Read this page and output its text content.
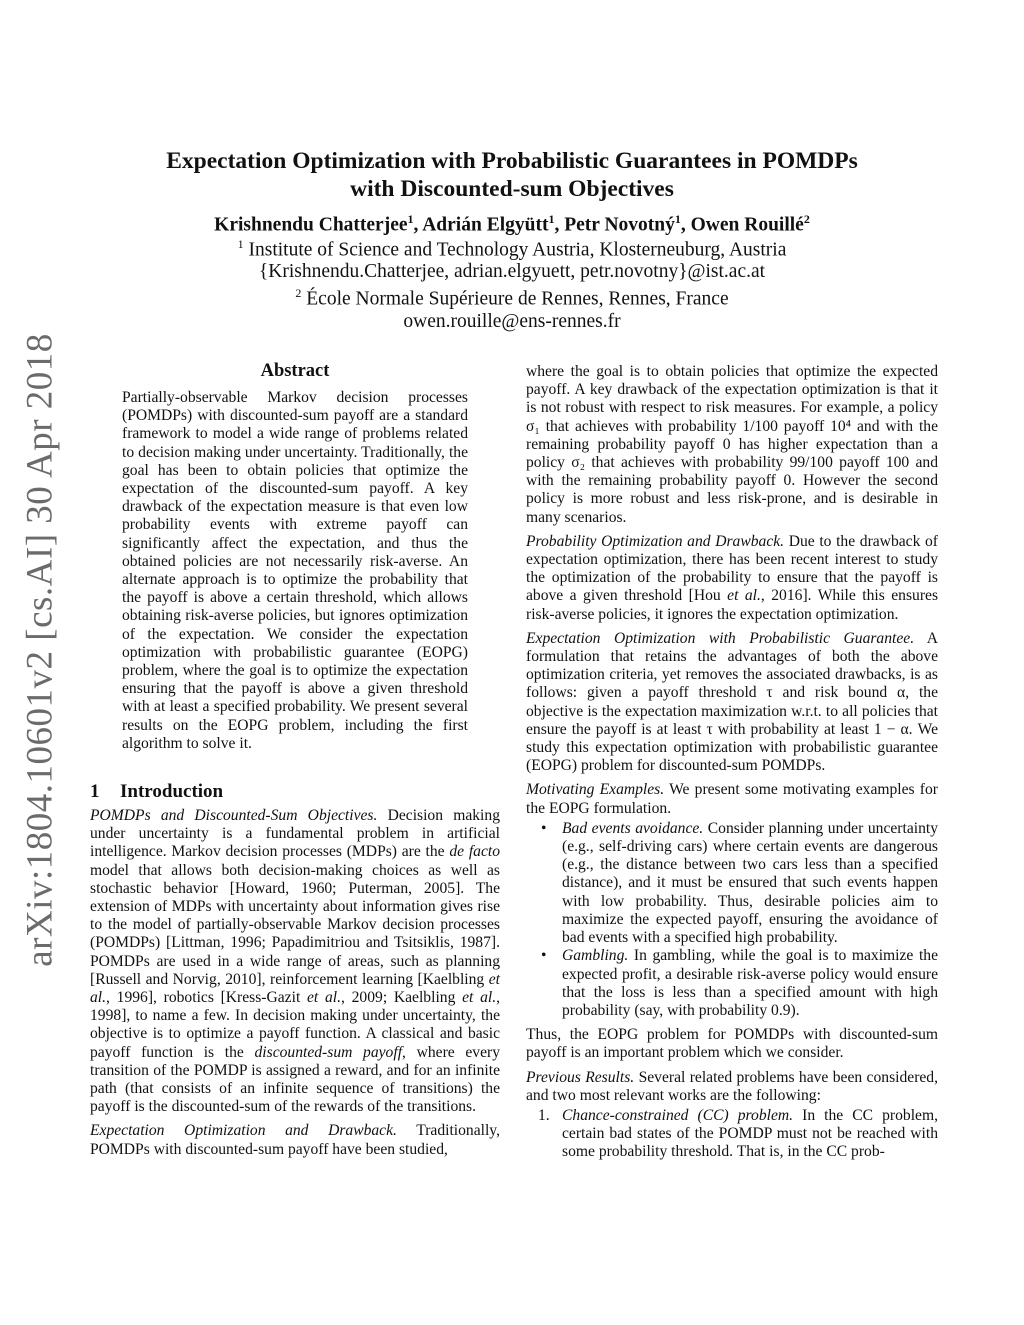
arXiv:1804.10601v2 [cs.AI] 30 Apr 2018
Expectation Optimization with Probabilistic Guarantees in POMDPs
with Discounted-sum Objectives
Krishnendu Chatterjee$^1$, Adrián Elgyütt$^1$, Petr Novotný$^1$, Owen Rouillé$^2$
$^1$ Institute of Science and Technology Austria, Klosterneuburg, Austria
{Krishnendu.Chatterjee, adrian.elgyuett, petr.novotny}@ist.ac.at
$^2$ École Normale Supérieure de Rennes, Rennes, France
owen.rouille@ens-rennes.fr
Abstract
Partially-observable Markov decision processes (POMDPs) with discounted-sum payoff are a standard framework to model a wide range of problems related to decision making under uncertainty. Traditionally, the goal has been to obtain policies that optimize the expectation of the discounted-sum payoff. A key drawback of the expectation measure is that even low probability events with extreme payoff can significantly affect the expectation, and thus the obtained policies are not necessarily risk-averse. An alternate approach is to optimize the probability that the payoff is above a certain threshold, which allows obtaining risk-averse policies, but ignores optimization of the expectation. We consider the expectation optimization with probabilistic guarantee (EOPG) problem, where the goal is to optimize the expectation ensuring that the payoff is above a given threshold with at least a specified probability. We present several results on the EOPG problem, including the first algorithm to solve it.
1 Introduction

POMDPs and Discounted-Sum Objectives. Decision making under uncertainty is a fundamental problem in artificial intelligence. Markov decision processes (MDPs) are the de facto model that allows both decision-making choices as well as stochastic behavior [Howard, 1960; Puterman, 2005]. The extension of MDPs with uncertainty about information gives rise to the model of partially-observable Markov decision processes (POMDPs) [Littman, 1996; Papadimitriou and Tsitsiklis, 1987]. POMDPs are used in a wide range of areas, such as planning [Russell and Norvig, 2010], reinforcement learning [Kaelbling et al., 1996], robotics [Kress-Gazit et al., 2009; Kaelbling et al., 1998], to name a few. In decision making under uncertainty, the objective is to optimize a payoff function. A classical and basic payoff function is the discounted-sum payoff, where every transition of the POMDP is assigned a reward, and for an infinite path (that consists of an infinite sequence of transitions) the payoff is the discounted-sum of the rewards of the transitions.

Expectation Optimization and Drawback. Traditionally, POMDPs with discounted-sum payoff have been studied,

where the goal is to obtain policies that optimize the expected payoff. A key drawback of the expectation optimization is that it is not robust with respect to risk measures. For example, a policy σ₁ that achieves with probability 1/100 payoff 10⁴ and with the remaining probability payoff 0 has higher expectation than a policy σ₂ that achieves with probability 99/100 payoff 100 and with the remaining probability payoff 0. However the second policy is more robust and less risk-prone, and is desirable in many scenarios.

Probability Optimization and Drawback. Due to the drawback of expectation optimization, there has been recent interest to study the optimization of the probability to ensure that the payoff is above a given threshold [Hou et al., 2016]. While this ensures risk-averse policies, it ignores the expectation optimization.

Expectation Optimization with Probabilistic Guarantee. A formulation that retains the advantages of both the above optimization criteria, yet removes the associated drawbacks, is as follows: given a payoff threshold τ and risk bound α, the objective is the expectation maximization w.r.t. to all policies that ensure the payoff is at least τ with probability at least 1 − α. We study this expectation optimization with probabilistic guarantee (EOPG) problem for discounted-sum POMDPs.

Motivating Examples. We present some motivating examples for the EOPG formulation.

• Bad events avoidance. Consider planning under uncertainty (e.g., self-driving cars) where certain events are dangerous (e.g., the distance between two cars less than a specified distance), and it must be ensured that such events happen with low probability. Thus, desirable policies aim to maximize the expected payoff, ensuring the avoidance of bad events with a specified high probability.
• Gambling. In gambling, while the goal is to maximize the expected profit, a desirable risk-averse policy would ensure that the loss is less than a specified amount with high probability (say, with probability 0.9).

Thus, the EOPG problem for POMDPs with discounted-sum payoff is an important problem which we consider.

Previous Results. Several related problems have been considered, and two most relevant works are the following:

1. Chance-constrained (CC) problem. In the CC problem, certain bad states of the POMDP must not be reached with some probability threshold. That is, in the CC prob-
